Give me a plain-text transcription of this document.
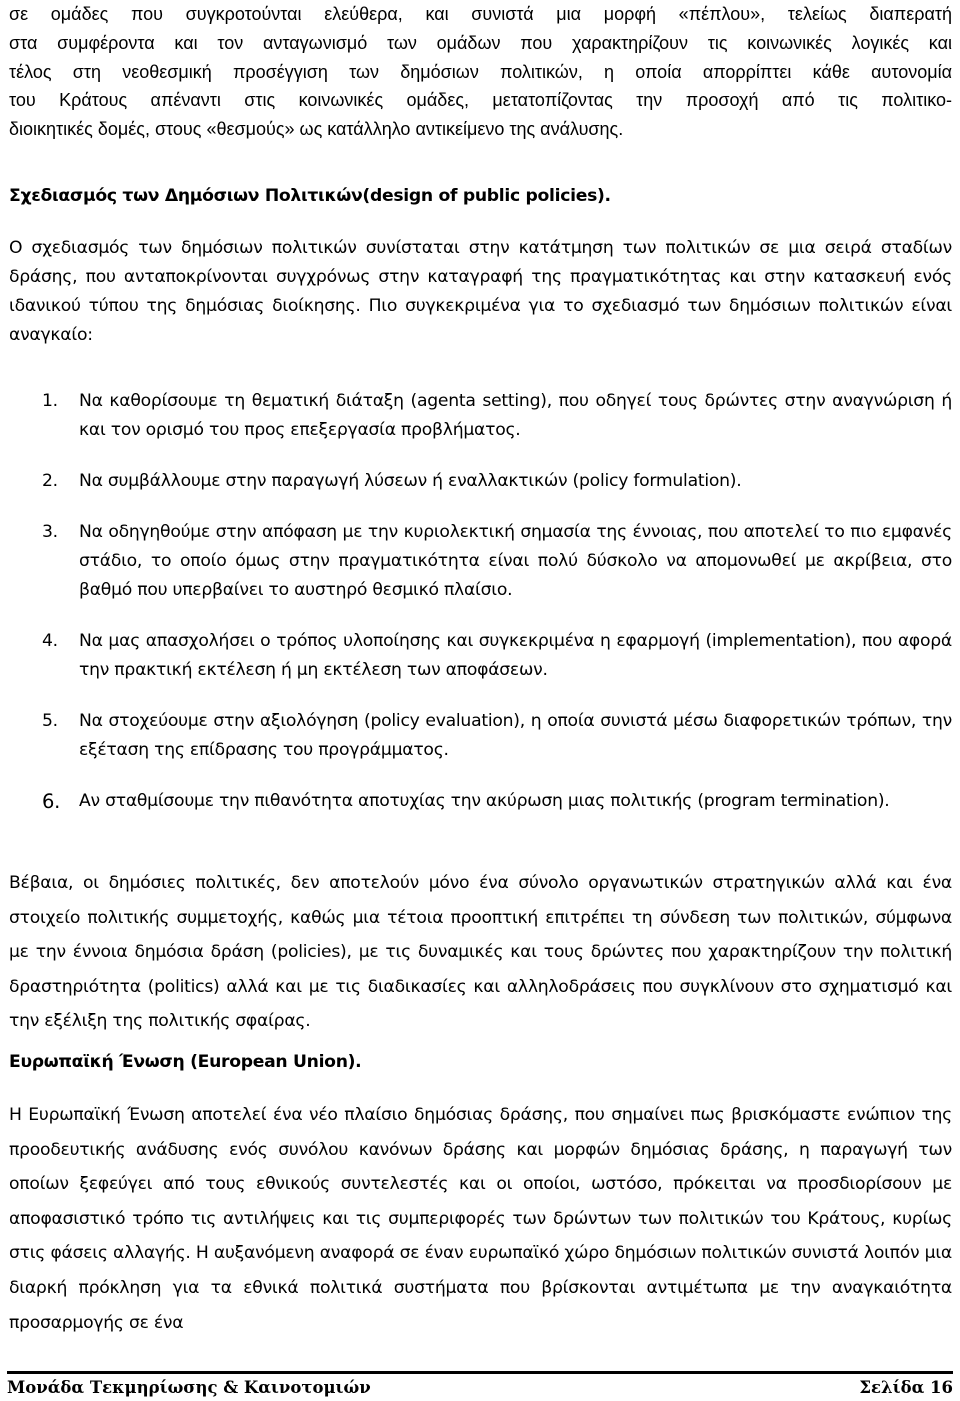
σε ομάδες που συγκροτούνται ελεύθερα, και συνιστά μια μορφή «πέπλου», τελείως διαπερατή
στα συμφέροντα και τον ανταγωνισμό των ομάδων που χαρακτηρίζουν τις κοινωνικές λογικές και
τέλος στη νεοθεσμική προσέγγιση των δημόσιων πολιτικών, η οποία απορρίπτει κάθε αυτονομία
του Κράτους απέναντι στις κοινωνικές ομάδες, μετατοπίζοντας την προσοχή από τις πολιτικο-
διοικητικές δομές, στους «θεσμούς» ως κατάλληλο αντικείμενο της ανάλυσης.
Σχεδιασμός των Δημόσιων Πολιτικών(design of public policies).

Ο σχεδιασμός των δημόσιων πολιτικών συνίσταται στην κατάτμηση των πολιτικών σε μια σειρά σταδίων δράσης, που ανταποκρίνονται συγχρόνως στην καταγραφή της πραγματικότητας και στην κατασκευή ενός ιδανικού τύπου της δημόσιας διοίκησης. Πιο συγκεκριμένα για το σχεδιασμό των δημόσιων πολιτικών είναι αναγκαίο:

1. Να καθορίσουμε τη θεματική διάταξη (agenta setting), που οδηγεί τους δρώντες στην αναγνώριση ή και τον ορισμό του προς επεξεργασία προβλήματος.
2. Να συμβάλλουμε στην παραγωγή λύσεων ή εναλλακτικών (policy formulation).
3. Να οδηγηθούμε στην απόφαση με την κυριολεκτική σημασία της έννοιας, που αποτελεί το πιο εμφανές στάδιο, το οποίο όμως στην πραγματικότητα είναι πολύ δύσκολο να απομονωθεί με ακρίβεια, στο βαθμό που υπερβαίνει το αυστηρό θεσμικό πλαίσιο.
4. Να μας απασχολήσει ο τρόπος υλοποίησης και συγκεκριμένα η εφαρμογή (implementation), που αφορά την πρακτική εκτέλεση ή μη εκτέλεση των αποφάσεων.
5. Να στοχεύουμε στην αξιολόγηση (policy evaluation), η οποία συνιστά μέσω διαφορετικών τρόπων, την εξέταση της επίδρασης του προγράμματος.
6. Αν σταθμίσουμε την πιθανότητα αποτυχίας την ακύρωση μιας πολιτικής (program termination).

Βέβαια, οι δημόσιες πολιτικές, δεν αποτελούν μόνο ένα σύνολο οργανωτικών στρατηγικών αλλά και ένα στοιχείο πολιτικής συμμετοχής, καθώς μια τέτοια προοπτική επιτρέπει τη σύνδεση των πολιτικών, σύμφωνα με την έννοια δημόσια δράση (policies), με τις δυναμικές και τους δρώντες που χαρακτηρίζουν την πολιτική δραστηριότητα (politics) αλλά και με τις διαδικασίες και αλληλοδράσεις που συγκλίνουν στο σχηματισμό και την εξέλιξη της πολιτικής σφαίρας.

Ευρωπαϊκή Ένωση (European Union).

Η Ευρωπαϊκή Ένωση αποτελεί ένα νέο πλαίσιο δημόσιας δράσης, που σημαίνει πως βρισκόμαστε ενώπιον της προοδευτικής ανάδυσης ενός συνόλου κανόνων δράσης και μορφών δημόσιας δράσης, η παραγωγή των οποίων ξεφεύγει από τους εθνικούς συντελεστές και οι οποίοι, ωστόσο, πρόκειται να προσδιορίσουν με αποφασιστικό τρόπο τις αντιλήψεις και τις συμπεριφορές των δρώντων των πολιτικών του Κράτους, κυρίως στις φάσεις αλλαγής. Η αυξανόμενη αναφορά σε έναν ευρωπαϊκό χώρο δημόσιων πολιτικών συνιστά λοιπόν μια διαρκή πρόκληση για τα εθνικά πολιτικά συστήματα που βρίσκονται αντιμέτωπα με την αναγκαιότητα προσαρμογής σε ένα

Μονάδα Τεκμηρίωσης & Καινοτομιών	Σελίδα 16
